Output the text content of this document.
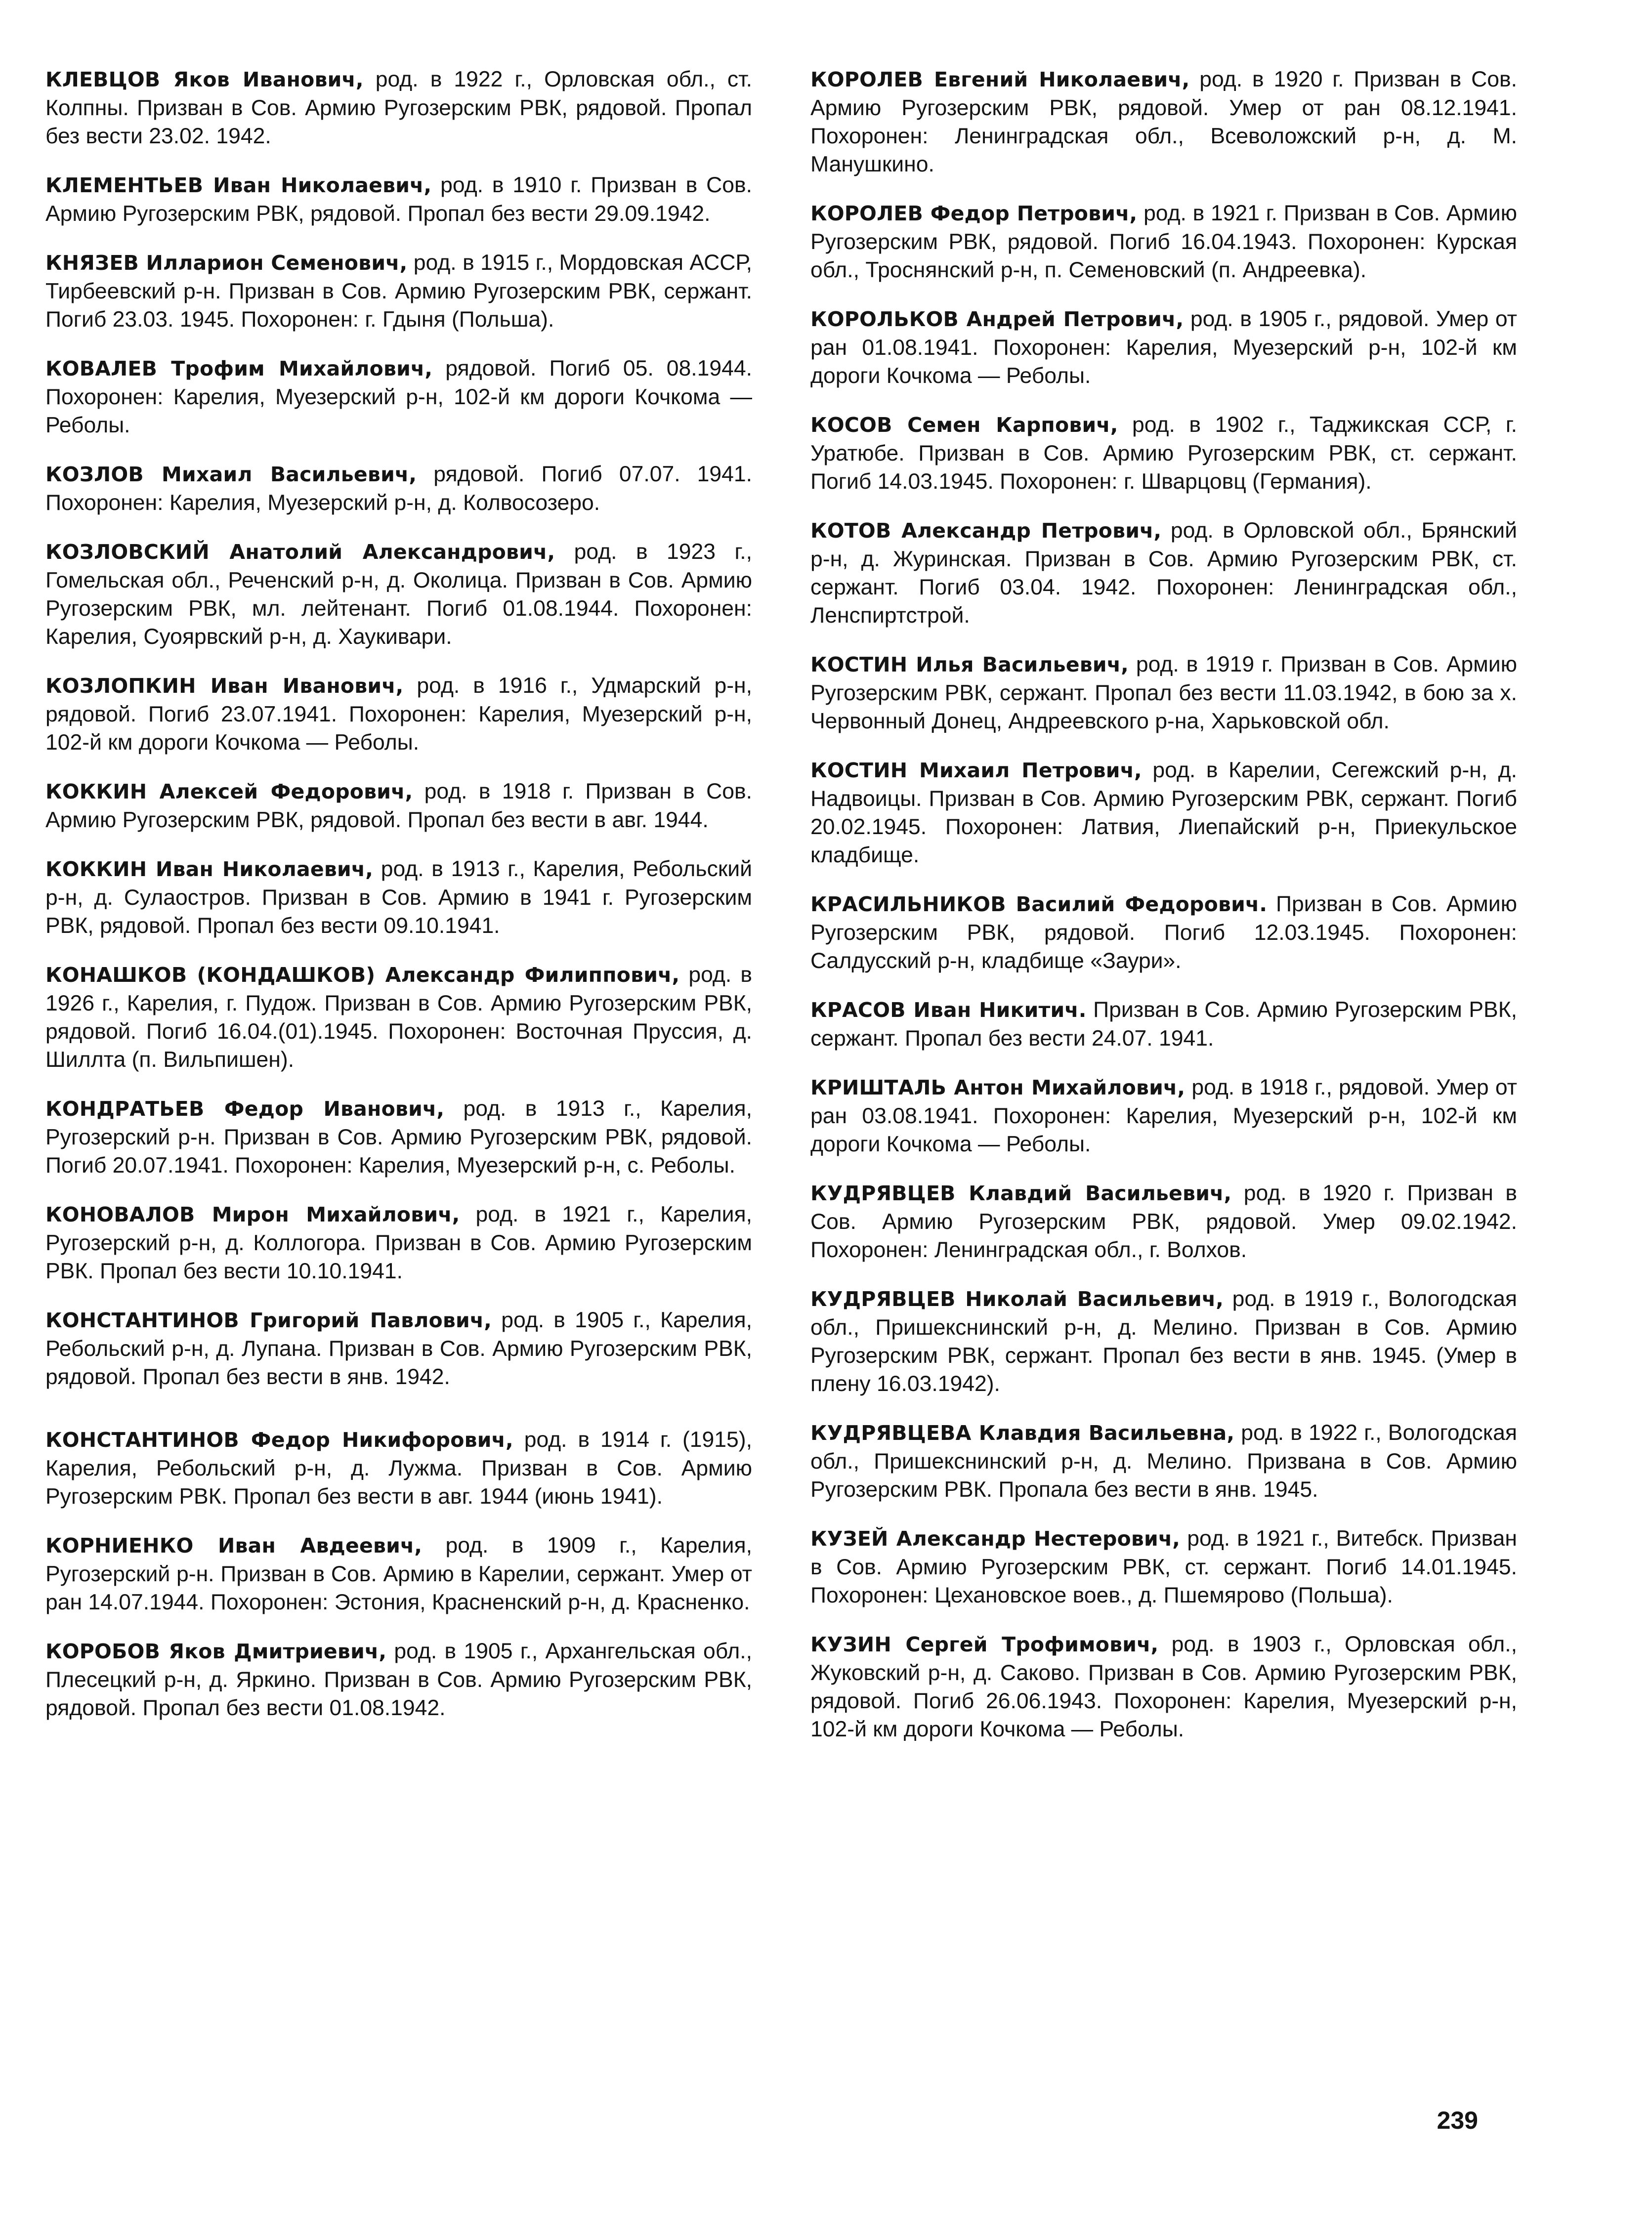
КЛЕВЦОВ Яков Иванович, род. в 1922 г., Орловская обл., ст. Колпны. Призван в Сов. Армию Ругозерским РВК, рядовой. Пропал без вести 23.02. 1942.

КЛЕМЕНТЬЕВ Иван Николаевич, род. в 1910 г. Призван в Сов. Армию Ругозерским РВК, рядовой. Пропал без вести 29.09.1942.

КНЯЗЕВ Илларион Семенович, род. в 1915 г., Мордовская АССР, Тирбеевский р-н. Призван в Сов. Армию Ругозерским РВК, сержант. Погиб 23.03. 1945. Похоронен: г. Гдыня (Польша).

КОВАЛЕВ Трофим Михайлович, рядовой. Погиб 05. 08.1944. Похоронен: Карелия, Муезерский р-н, 102-й км дороги Кочкома — Реболы.

КОЗЛОВ Михаил Васильевич, рядовой. Погиб 07.07. 1941. Похоронен: Карелия, Муезерский р-н, д. Колвосозеро.

КОЗЛОВСКИЙ Анатолий Александрович, род. в 1923 г., Гомельская обл., Реченский р-н, д. Околица. Призван в Сов. Армию Ругозерским РВК, мл. лейтенант. Погиб 01.08.1944. Похоронен: Карелия, Суоярвский р-н, д. Хаукивари.

КОЗЛОПКИН Иван Иванович, род. в 1916 г., Удмарский р-н, рядовой. Погиб 23.07.1941. Похоронен: Карелия, Муезерский р-н, 102-й км дороги Кочкома — Реболы.

КОККИН Алексей Федорович, род. в 1918 г. Призван в Сов. Армию Ругозерским РВК, рядовой. Пропал без вести в авг. 1944.

КОККИН Иван Николаевич, род. в 1913 г., Карелия, Ребольский р-н, д. Сулаостров. Призван в Сов. Армию в 1941 г. Ругозерским РВК, рядовой. Пропал без вести 09.10.1941.

КОНАШКОВ (КОНДАШКОВ) Александр Филиппович, род. в 1926 г., Карелия, г. Пудож. Призван в Сов. Армию Ругозерским РВК, рядовой. Погиб 16.04.(01).1945. Похоронен: Восточная Пруссия, д. Шиллта (п. Вильпишен).

КОНДРАТЬЕВ Федор Иванович, род. в 1913 г., Карелия, Ругозерский р-н. Призван в Сов. Армию Ругозерским РВК, рядовой. Погиб 20.07.1941. Похоронен: Карелия, Муезерский р-н, с. Реболы.

КОНОВАЛОВ Мирон Михайлович, род. в 1921 г., Карелия, Ругозерский р-н, д. Коллогора. Призван в Сов. Армию Ругозерским РВК. Пропал без вести 10.10.1941.

КОНСТАНТИНОВ Григорий Павлович, род. в 1905 г., Карелия, Ребольский р-н, д. Лупана. Призван в Сов. Армию Ругозерским РВК, рядовой. Пропал без вести в янв. 1942.

КОНСТАНТИНОВ Федор Никифорович, род. в 1914 г. (1915), Карелия, Ребольский р-н, д. Лужма. Призван в Сов. Армию Ругозерским РВК. Пропал без вести в авг. 1944 (июнь 1941).

КОРНИЕНКО Иван Авдеевич, род. в 1909 г., Карелия, Ругозерский р-н. Призван в Сов. Армию в Карелии, сержант. Умер от ран 14.07.1944. Похоронен: Эстония, Красненский р-н, д. Красненко.

КОРОБОВ Яков Дмитриевич, род. в 1905 г., Архангельская обл., Плесецкий р-н, д. Яркино. Призван в Сов. Армию Ругозерским РВК, рядовой. Пропал без вести 01.08.1942.

КОРОЛЕВ Евгений Николаевич, род. в 1920 г. Призван в Сов. Армию Ругозерским РВК, рядовой. Умер от ран 08.12.1941. Похоронен: Ленинградская обл., Всеволожский р-н, д. М. Манушкино.

КОРОЛЕВ Федор Петрович, род. в 1921 г. Призван в Сов. Армию Ругозерским РВК, рядовой. Погиб 16.04.1943. Похоронен: Курская обл., Троснянский р-н, п. Семеновский (п. Андреевка).

КОРОЛЬКОВ Андрей Петрович, род. в 1905 г., рядовой. Умер от ран 01.08.1941. Похоронен: Карелия, Муезерский р-н, 102-й км дороги Кочкома — Реболы.

КОСОВ Семен Карпович, род. в 1902 г., Таджикская ССР, г. Уратюбе. Призван в Сов. Армию Ругозерским РВК, ст. сержант. Погиб 14.03.1945. Похоронен: г. Шварцовц (Германия).

КОТОВ Александр Петрович, род. в Орловской обл., Брянский р-н, д. Журинская. Призван в Сов. Армию Ругозерским РВК, ст. сержант. Погиб 03.04. 1942. Похоронен: Ленинградская обл., Ленспиртстрой.

КОСТИН Илья Васильевич, род. в 1919 г. Призван в Сов. Армию Ругозерским РВК, сержант. Пропал без вести 11.03.1942, в бою за х. Червонный Донец, Андреевского р-на, Харьковской обл.

КОСТИН Михаил Петрович, род. в Карелии, Сегежский р-н, д. Надвоицы. Призван в Сов. Армию Ругозерским РВК, сержант. Погиб 20.02.1945. Похоронен: Латвия, Лиепайский р-н, Приекульское кладбище.

КРАСИЛЬНИКОВ Василий Федорович. Призван в Сов. Армию Ругозерским РВК, рядовой. Погиб 12.03.1945. Похоронен: Салдусский р-н, кладбище «Заури».

КРАСОВ Иван Никитич. Призван в Сов. Армию Ругозерским РВК, сержант. Пропал без вести 24.07. 1941.

КРИШТАЛЬ Антон Михайлович, род. в 1918 г., рядовой. Умер от ран 03.08.1941. Похоронен: Карелия, Муезерский р-н, 102-й км дороги Кочкома — Реболы.

КУДРЯВЦЕВ Клавдий Васильевич, род. в 1920 г. Призван в Сов. Армию Ругозерским РВК, рядовой. Умер 09.02.1942. Похоронен: Ленинградская обл., г. Волхов.

КУДРЯВЦЕВ Николай Васильевич, род. в 1919 г., Вологодская обл., Пришекснинский р-н, д. Мелино. Призван в Сов. Армию Ругозерским РВК, сержант. Пропал без вести в янв. 1945. (Умер в плену 16.03.1942).

КУДРЯВЦЕВА Клавдия Васильевна, род. в 1922 г., Вологодская обл., Пришекснинский р-н, д. Мелино. Призвана в Сов. Армию Ругозерским РВК. Пропала без вести в янв. 1945.

КУЗЕЙ Александр Нестерович, род. в 1921 г., Витебск. Призван в Сов. Армию Ругозерским РВК, ст. сержант. Погиб 14.01.1945. Похоронен: Цехановское воев., д. Пшемярово (Польша).

КУЗИН Сергей Трофимович, род. в 1903 г., Орловская обл., Жуковский р-н, д. Саково. Призван в Сов. Армию Ругозерским РВК, рядовой. Погиб 26.06.1943. Похоронен: Карелия, Муезерский р-н, 102-й км дороги Кочкома — Реболы.

239
